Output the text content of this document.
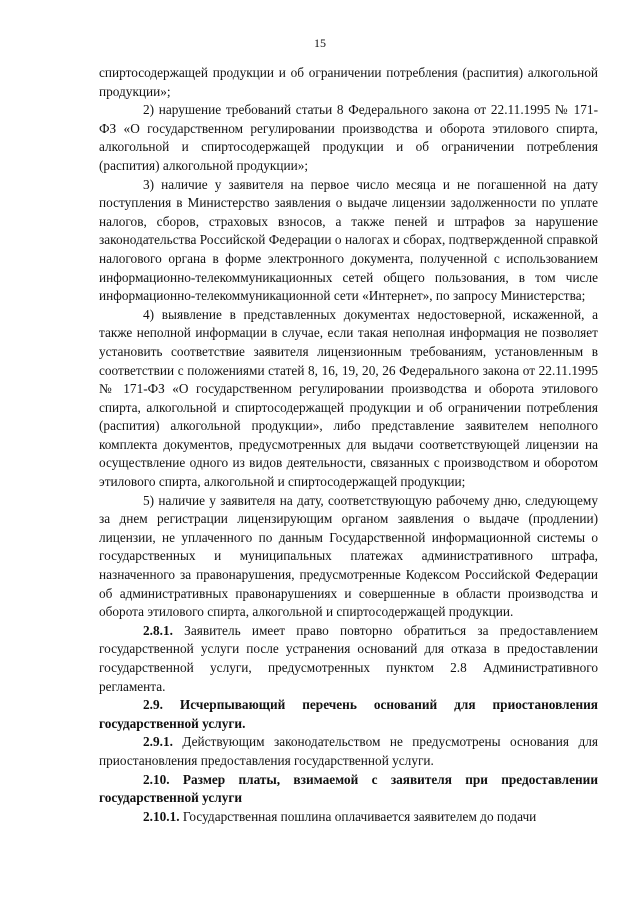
15

спиртосодержащей продукции и об ограничении потребления (распития) алкогольной продукции»;

2) нарушение требований статьи 8 Федерального закона от 22.11.1995 № 171-ФЗ «О государственном регулировании производства и оборота этилового спирта, алкогольной и спиртосодержащей продукции и об ограничении потребления (распития) алкогольной продукции»;

3) наличие у заявителя на первое число месяца и не погашенной на дату поступления в Министерство заявления о выдаче лицензии задолженности по уплате налогов, сборов, страховых взносов, а также пеней и штрафов за нарушение законодательства Российской Федерации о налогах и сборах, подтвержденной справкой налогового органа в форме электронного документа, полученной с использованием информационно-телекоммуникационных сетей общего пользования, в том числе информационно-телекоммуникационной сети «Интернет», по запросу Министерства;

4) выявление в представленных документах недостоверной, искаженной, а также неполной информации в случае, если такая неполная информация не позволяет установить соответствие заявителя лицензионным требованиям, установленным в соответствии с положениями статей 8, 16, 19, 20, 26 Федерального закона от 22.11.1995 № 171-ФЗ «О государственном регулировании производства и оборота этилового спирта, алкогольной и спиртосодержащей продукции и об ограничении потребления (распития) алкогольной продукции», либо представление заявителем неполного комплекта документов, предусмотренных для выдачи соответствующей лицензии на осуществление одного из видов деятельности, связанных с производством и оборотом этилового спирта, алкогольной и спиртосодержащей продукции;

5) наличие у заявителя на дату, соответствующую рабочему дню, следующему за днем регистрации лицензирующим органом заявления о выдаче (продлении) лицензии, не уплаченного по данным Государственной информационной системы о государственных и муниципальных платежах административного штрафа, назначенного за правонарушения, предусмотренные Кодексом Российской Федерации об административных правонарушениях и совершенные в области производства и оборота этилового спирта, алкогольной и спиртосодержащей продукции.

2.8.1. Заявитель имеет право повторно обратиться за предоставлением государственной услуги после устранения оснований для отказа в предоставлении государственной услуги, предусмотренных пунктом 2.8 Административного регламента.

2.9. Исчерпывающий перечень оснований для приостановления государственной услуги.

2.9.1. Действующим законодательством не предусмотрены основания для приостановления предоставления государственной услуги.

2.10. Размер платы, взимаемой с заявителя при предоставлении государственной услуги

2.10.1. Государственная пошлина оплачивается заявителем до подачи
